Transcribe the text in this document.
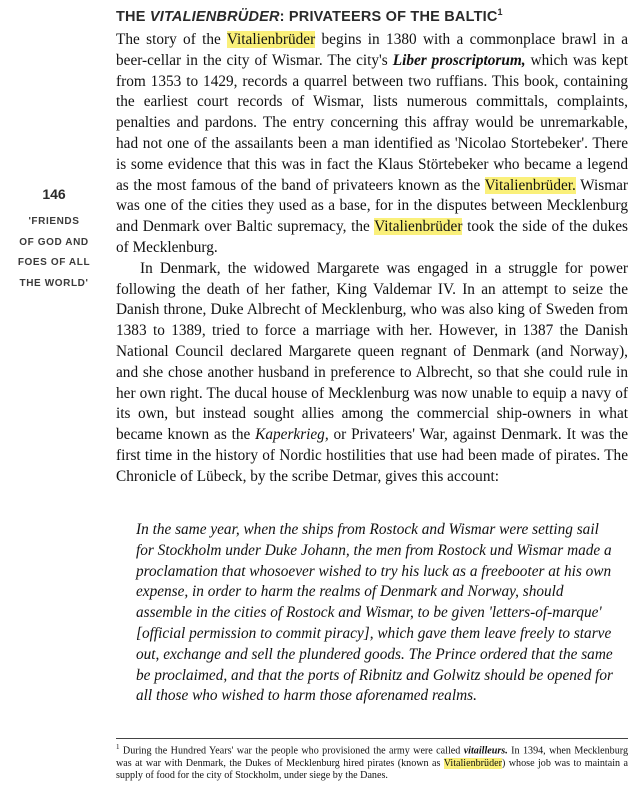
THE VITALIENBRÜDER: PRIVATEERS OF THE BALTIC$^1$
146
'FRIENDS
OF GOD AND
FOES OF ALL
THE WORLD'

The story of the Vitalienbrüder begins in 1380 with a commonplace brawl in a beer-cellar in the city of Wismar. The city's Liber proscriptorum, which was kept from 1353 to 1429, records a quarrel between two ruffians. This book, containing the earliest court records of Wismar, lists numerous committals, complaints, penalties and pardons. The entry concerning this affray would be unremarkable, had not one of the assailants been a man identified as 'Nicolao Stortebeker'. There is some evidence that this was in fact the Klaus Störtebeker who became a legend as the most famous of the band of privateers known as the Vitalienbrüder. Wismar was one of the cities they used as a base, for in the disputes between Mecklenburg and Denmark over Baltic supremacy, the Vitalienbrüder took the side of the dukes of Mecklenburg.

In Denmark, the widowed Margarete was engaged in a struggle for power following the death of her father, King Valdemar IV. In an attempt to seize the Danish throne, Duke Albrecht of Mecklenburg, who was also king of Sweden from 1383 to 1389, tried to force a marriage with her. However, in 1387 the Danish National Council declared Margarete queen regnant of Denmark (and Norway), and she chose another husband in preference to Albrecht, so that she could rule in her own right. The ducal house of Mecklenburg was now unable to equip a navy of its own, but instead sought allies among the commercial ship-owners in what became known as the Kaperkrieg, or Privateers' War, against Denmark. It was the first time in the history of Nordic hostilities that use had been made of pirates. The Chronicle of Lübeck, by the scribe Detmar, gives this account:

In the same year, when the ships from Rostock and Wismar were setting sail for Stockholm under Duke Johann, the men from Rostock und Wismar made a proclamation that whosoever wished to try his luck as a freebooter at his own expense, in order to harm the realms of Denmark and Norway, should assemble in the cities of Rostock and Wismar, to be given 'letters-of-marque' [official permission to commit piracy], which gave them leave freely to starve out, exchange and sell the plundered goods. The Prince ordered that the same be proclaimed, and that the ports of Ribnitz and Golwitz should be opened for all those who wished to harm those aforenamed realms.
$^1$ During the Hundred Years' war the people who provisioned the army were called vitailleurs. In 1394, when Mecklenburg was at war with Denmark, the Dukes of Mecklenburg hired pirates (known as Vitalienbrüder) whose job was to maintain a supply of food for the city of Stockholm, under siege by the Danes.
